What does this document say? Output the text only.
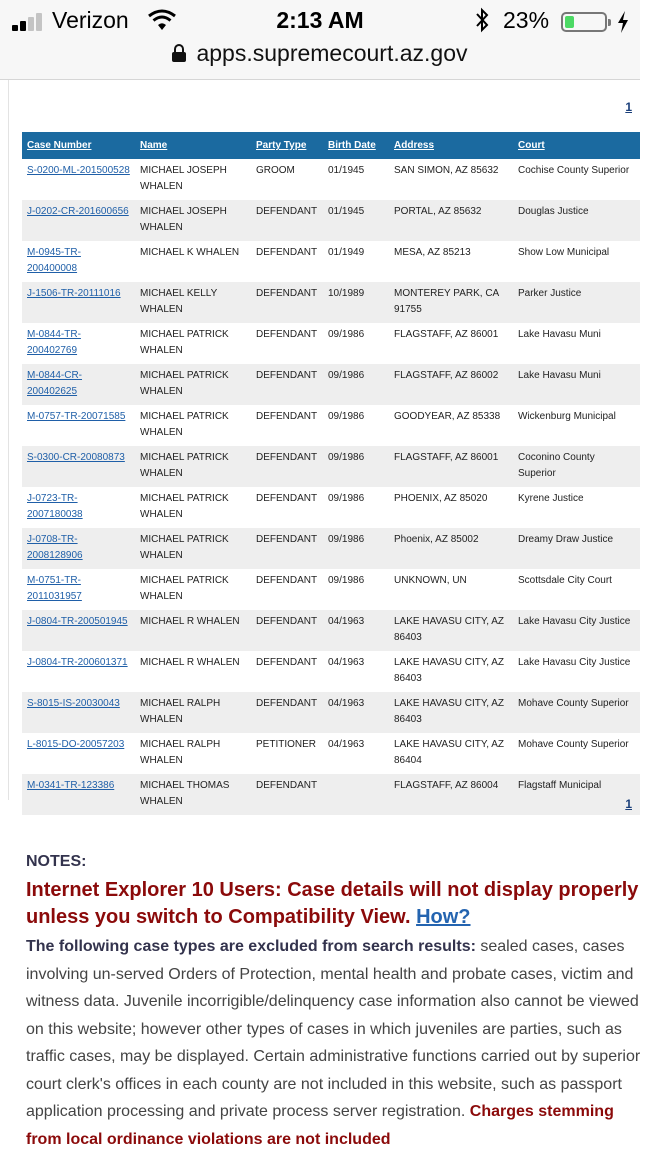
Verizon	2:13 AM	23%
apps.supremecourt.az.gov
1
Case Number	Name	Party Type	Birth Date	Address	Court
S-0200-ML-201500528	MICHAEL JOSEPH WHALEN	GROOM	01/1945	SAN SIMON, AZ 85632	Cochise County Superior
J-0202-CR-201600656	MICHAEL JOSEPH WHALEN	DEFENDANT	01/1945	PORTAL, AZ 85632	Douglas Justice
M-0945-TR-200400008	MICHAEL K WHALEN	DEFENDANT	01/1949	MESA, AZ 85213	Show Low Municipal
J-1506-TR-20111016	MICHAEL KELLY WHALEN	DEFENDANT	10/1989	MONTEREY PARK, CA 91755	Parker Justice
M-0844-TR-200402769	MICHAEL PATRICK WHALEN	DEFENDANT	09/1986	FLAGSTAFF, AZ 86001	Lake Havasu Muni
M-0844-CR-200402625	MICHAEL PATRICK WHALEN	DEFENDANT	09/1986	FLAGSTAFF, AZ 86002	Lake Havasu Muni
M-0757-TR-20071585	MICHAEL PATRICK WHALEN	DEFENDANT	09/1986	GOODYEAR, AZ 85338	Wickenburg Municipal
S-0300-CR-20080873	MICHAEL PATRICK WHALEN	DEFENDANT	09/1986	FLAGSTAFF, AZ 86001	Coconino County Superior
J-0723-TR-2007180038	MICHAEL PATRICK WHALEN	DEFENDANT	09/1986	PHOENIX, AZ 85020	Kyrene Justice
J-0708-TR-2008128906	MICHAEL PATRICK WHALEN	DEFENDANT	09/1986	Phoenix, AZ 85002	Dreamy Draw Justice
M-0751-TR-2011031957	MICHAEL PATRICK WHALEN	DEFENDANT	09/1986	UNKNOWN, UN	Scottsdale City Court
J-0804-TR-200501945	MICHAEL R WHALEN	DEFENDANT	04/1963	LAKE HAVASU CITY, AZ 86403	Lake Havasu City Justice
J-0804-TR-200601371	MICHAEL R WHALEN	DEFENDANT	04/1963	LAKE HAVASU CITY, AZ 86403	Lake Havasu City Justice
S-8015-IS-20030043	MICHAEL RALPH WHALEN	DEFENDANT	04/1963	LAKE HAVASU CITY, AZ 86403	Mohave County Superior
L-8015-DO-20057203	MICHAEL RALPH WHALEN	PETITIONER	04/1963	LAKE HAVASU CITY, AZ 86404	Mohave County Superior
M-0341-TR-123386	MICHAEL THOMAS WHALEN	DEFENDANT		FLAGSTAFF, AZ 86004	Flagstaff Municipal
1
NOTES:
Internet Explorer 10 Users: Case details will not display properly unless you switch to Compatibility View. How?
The following case types are excluded from search results: sealed cases, cases involving un-served Orders of Protection, mental health and probate cases, victim and witness data. Juvenile incorrigible/delinquency case information also cannot be viewed on this website; however other types of cases in which juveniles are parties, such as traffic cases, may be displayed. Certain administrative functions carried out by superior court clerk's offices in each county are not included in this website, such as passport application processing and private process server registration. Charges stemming from local ordinance violations are not included
